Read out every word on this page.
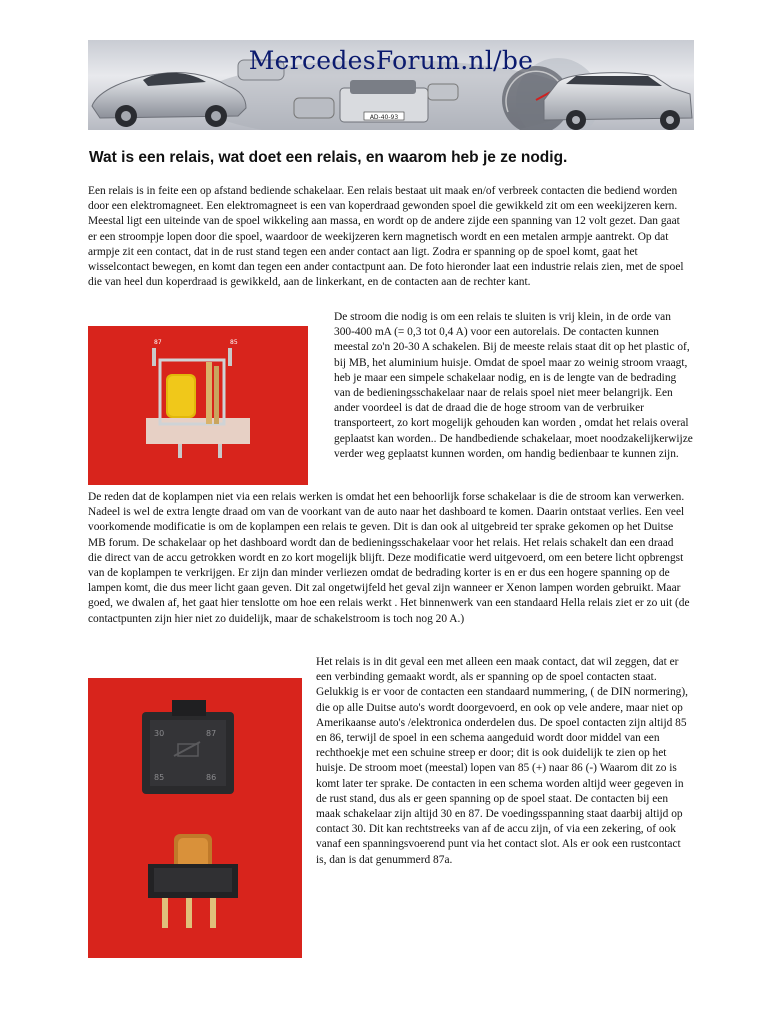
AD-40-93
MercedesForum.nl/be
Wat is een relais, wat doet een relais, en waarom heb je ze nodig.

Een relais is in feite een op afstand bediende schakelaar. Een relais bestaat uit maak en/of verbreek contacten die bediend worden door een elektromagneet. Een elektromagneet is een van koperdraad gewonden spoel die gewikkeld zit om een weekijzeren kern. Meestal ligt een uiteinde van de spoel wikkeling aan massa, en wordt op de andere zijde een spanning van 12 volt gezet. Dan gaat er een stroompje lopen door die spoel, waardoor de weekijzeren kern magnetisch wordt en een metalen armpje aantrekt. Op dat armpje zit een contact, dat in de rust stand tegen een ander contact aan ligt. Zodra er spanning op de spoel komt, gaat het wisselcontact bewegen, en komt dan tegen een ander contactpunt aan. De foto hieronder laat een industrie relais zien, met de spoel die van heel dun koperdraad is gewikkeld, aan de linkerkant, en de contacten aan de rechter kant.

87	85

De stroom die nodig is om een relais te sluiten is vrij klein, in de orde van 300-400 mA (= 0,3 tot 0,4 A) voor een autorelais. De contacten kunnen meestal zo'n 20-30 A schakelen. Bij de meeste relais staat dit op het plastic of, bij MB, het aluminium huisje. Omdat de spoel maar zo weinig stroom vraagt, heb je maar een simpele schakelaar nodig, en is de lengte van de bedrading van de bedieningsschakelaar naar de relais spoel niet meer belangrijk. Een ander voordeel is dat de draad die de hoge stroom van de verbruiker transporteert, zo kort mogelijk gehouden kan worden , omdat het relais overal geplaatst kan worden.. De handbediende schakelaar, moet noodzakelijkerwijze verder weg geplaatst kunnen worden, om handig bedienbaar te kunnen zijn.

De reden dat de koplampen niet via een relais werken is omdat het een behoorlijk forse schakelaar is die de stroom kan verwerken. Nadeel is wel de extra lengte draad om van de voorkant van de auto naar het dashboard te komen. Daarin ontstaat verlies. Een veel voorkomende modificatie is om de koplampen een relais te geven. Dit is dan ook al uitgebreid ter sprake gekomen op het Duitse MB forum. De schakelaar op het dashboard wordt dan de bedieningsschakelaar voor het relais. Het relais schakelt dan een draad die direct van de accu getrokken wordt en zo kort mogelijk blijft. Deze modificatie werd uitgevoerd, om een betere licht opbrengst van de koplampen te verkrijgen. Er zijn dan minder verliezen omdat de bedrading korter is en er dus een hogere spanning op de lampen komt, die dus meer licht gaan geven. Dit zal ongetwijfeld het geval zijn wanneer er Xenon lampen worden gebruikt. Maar goed, we dwalen af, het gaat hier tenslotte om hoe een relais werkt . Het binnenwerk van een standaard Hella relais ziet er zo uit (de contactpunten zijn hier niet zo duidelijk, maar de schakelstroom is toch nog 20 A.)

30	87
85	86

Het relais is in dit geval een met alleen een maak contact, dat wil zeggen, dat er een verbinding gemaakt wordt, als er spanning op de spoel contacten staat. Gelukkig is er voor de contacten een standaard nummering, ( de DIN normering), die op alle Duitse auto's wordt doorgevoerd, en ook op vele andere, maar niet op Amerikaanse auto's /elektronica onderdelen dus. De spoel contacten zijn altijd 85 en 86, terwijl de spoel in een schema aangeduid wordt door middel van een rechthoekje met een schuine streep er door; dit is ook duidelijk te zien op het huisje. De stroom moet (meestal) lopen van 85 (+) naar 86 (-) Waarom dit zo is komt later ter sprake. De contacten in een schema worden altijd weer gegeven in de rust stand, dus als er geen spanning op de spoel staat. De contacten bij een maak schakelaar zijn altijd 30 en 87. De voedingsspanning staat daarbij altijd op contact 30. Dit kan rechtstreeks van af de accu zijn, of via een zekering, of ook vanaf een spanningsvoerend punt via het contact slot. Als er ook een rustcontact is, dan is dat genummerd 87a.
